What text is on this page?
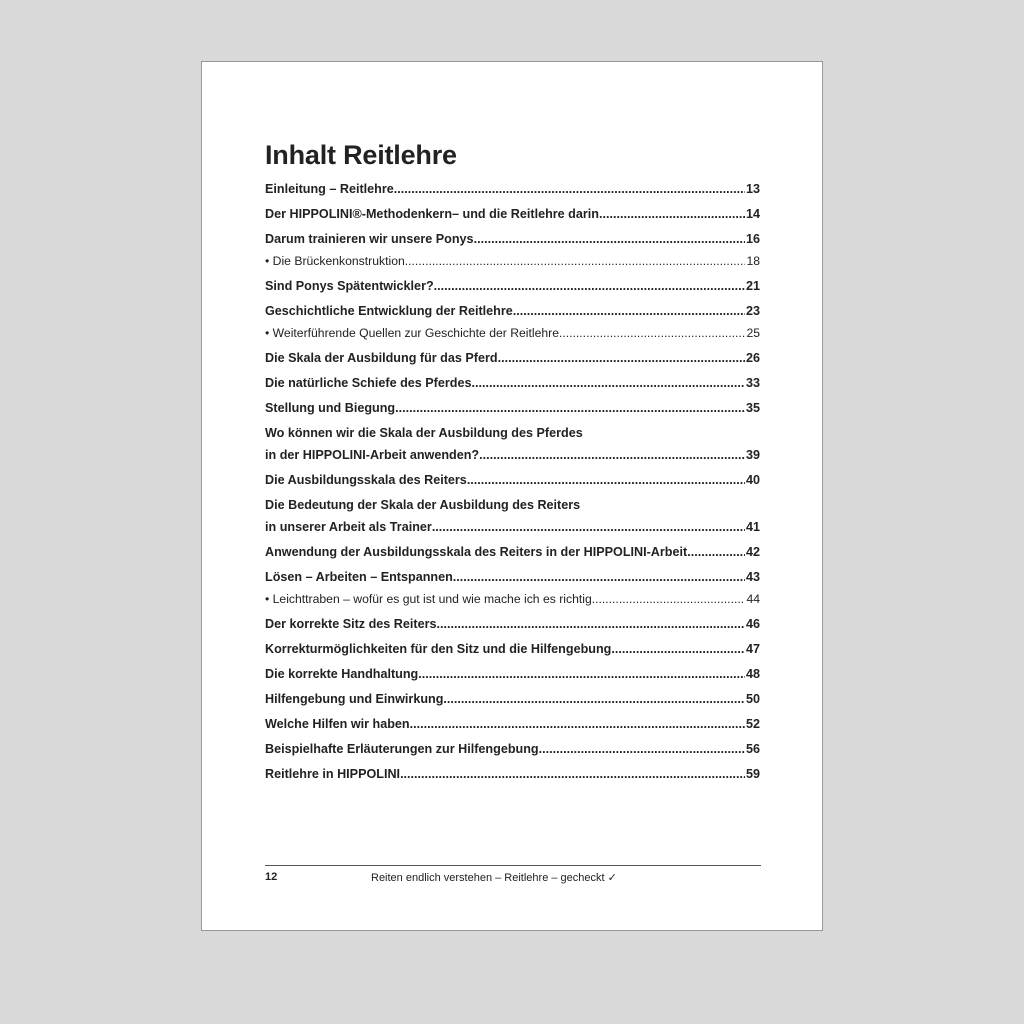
Inhalt Reitlehre
Einleitung – Reitlehre .....	13
Der HIPPOLINI®-Methodenkern– und die Reitlehre darin .....	14
Darum trainieren wir unsere Ponys .....	16
• Die Brückenkonstruktion .....	18
Sind Ponys Spätentwickler? .....	21
Geschichtliche Entwicklung der Reitlehre .....	23
• Weiterführende Quellen zur Geschichte der Reitlehre .....	25
Die Skala der Ausbildung für das Pferd .....	26
Die natürliche Schiefe des Pferdes .....	33
Stellung und Biegung .....	35
Wo können wir die Skala der Ausbildung des Pferdes
in der HIPPOLINI-Arbeit anwenden? .....	39
Die Ausbildungsskala des Reiters .....	40
Die Bedeutung der Skala der Ausbildung des Reiters
in unserer Arbeit als Trainer .....	41
Anwendung der Ausbildungsskala des Reiters in der HIPPOLINI-Arbeit .....	42
Lösen – Arbeiten – Entspannen .....	43
• Leichttraben – wofür es gut ist und wie mache ich es richtig .....	44
Der korrekte Sitz des Reiters .....	46
Korrekturmöglichkeiten für den Sitz und die Hilfengebung .....	47
Die korrekte Handhaltung .....	48
Hilfengebung und Einwirkung .....	50
Welche Hilfen wir haben .....	52
Beispielhafte Erläuterungen zur Hilfengebung .....	56
Reitlehre in HIPPOLINI .....	59
12	Reiten endlich verstehen – Reitlehre – gecheckt ✓
